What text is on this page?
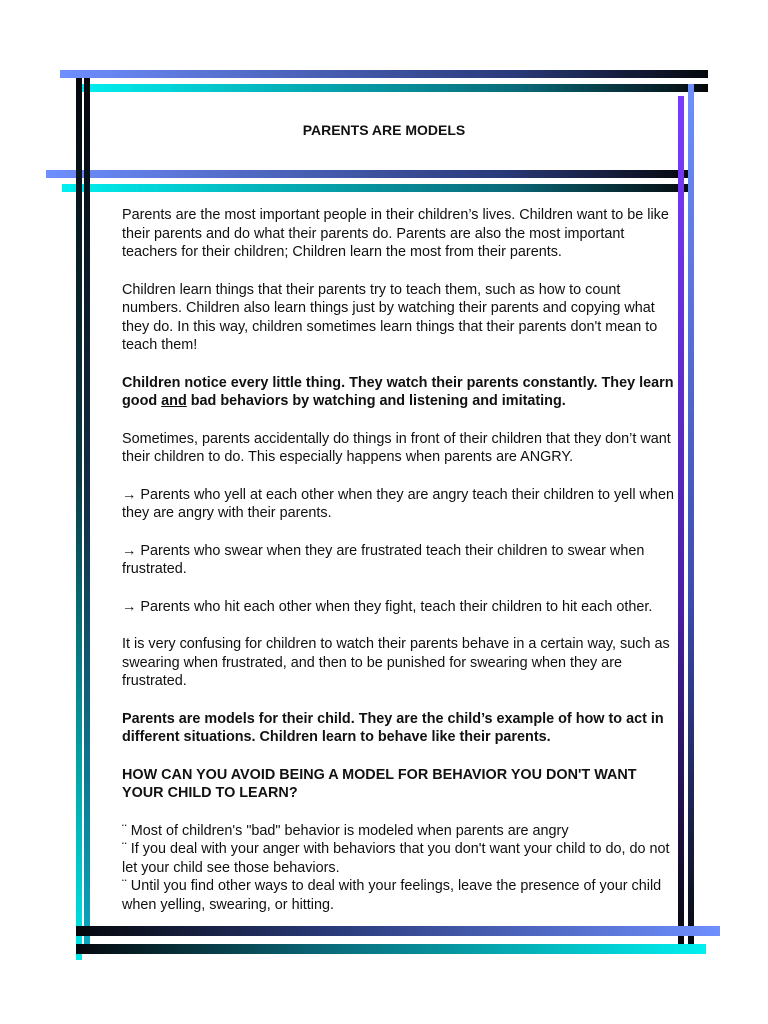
PARENTS ARE MODELS

Parents are the most important people in their children’s lives. Children want to be like their parents and do what their parents do. Parents are also the most important teachers for their children; Children learn the most from their parents.

Children learn things that their parents try to teach them, such as how to count numbers. Children also learn things just by watching their parents and copying what they do. In this way, children sometimes learn things that their parents don't mean to teach them!

Children notice every little thing. They watch their parents constantly. They learn good and bad behaviors by watching and listening and imitating.

Sometimes, parents accidentally do things in front of their children that they don’t want their children to do. This especially happens when parents are ANGRY.

→ Parents who yell at each other when they are angry teach their children to yell when they are angry with their parents.

→ Parents who swear when they are frustrated teach their children to swear when frustrated.

→ Parents who hit each other when they fight, teach their children to hit each other.

It is very confusing for children to watch their parents behave in a certain way, such as swearing when frustrated, and then to be punished for swearing when they are frustrated.

Parents are models for their child. They are the child’s example of how to act in different situations. Children learn to behave like their parents.

HOW CAN YOU AVOID BEING A MODEL FOR BEHAVIOR YOU DON'T WANT YOUR CHILD TO LEARN?

¨ Most of children's "bad" behavior is modeled when parents are angry
¨ If you deal with your anger with behaviors that you don't want your child to do, do not let your child see those behaviors.
¨ Until you find other ways to deal with your feelings, leave the presence of your child when yelling, swearing, or hitting.
